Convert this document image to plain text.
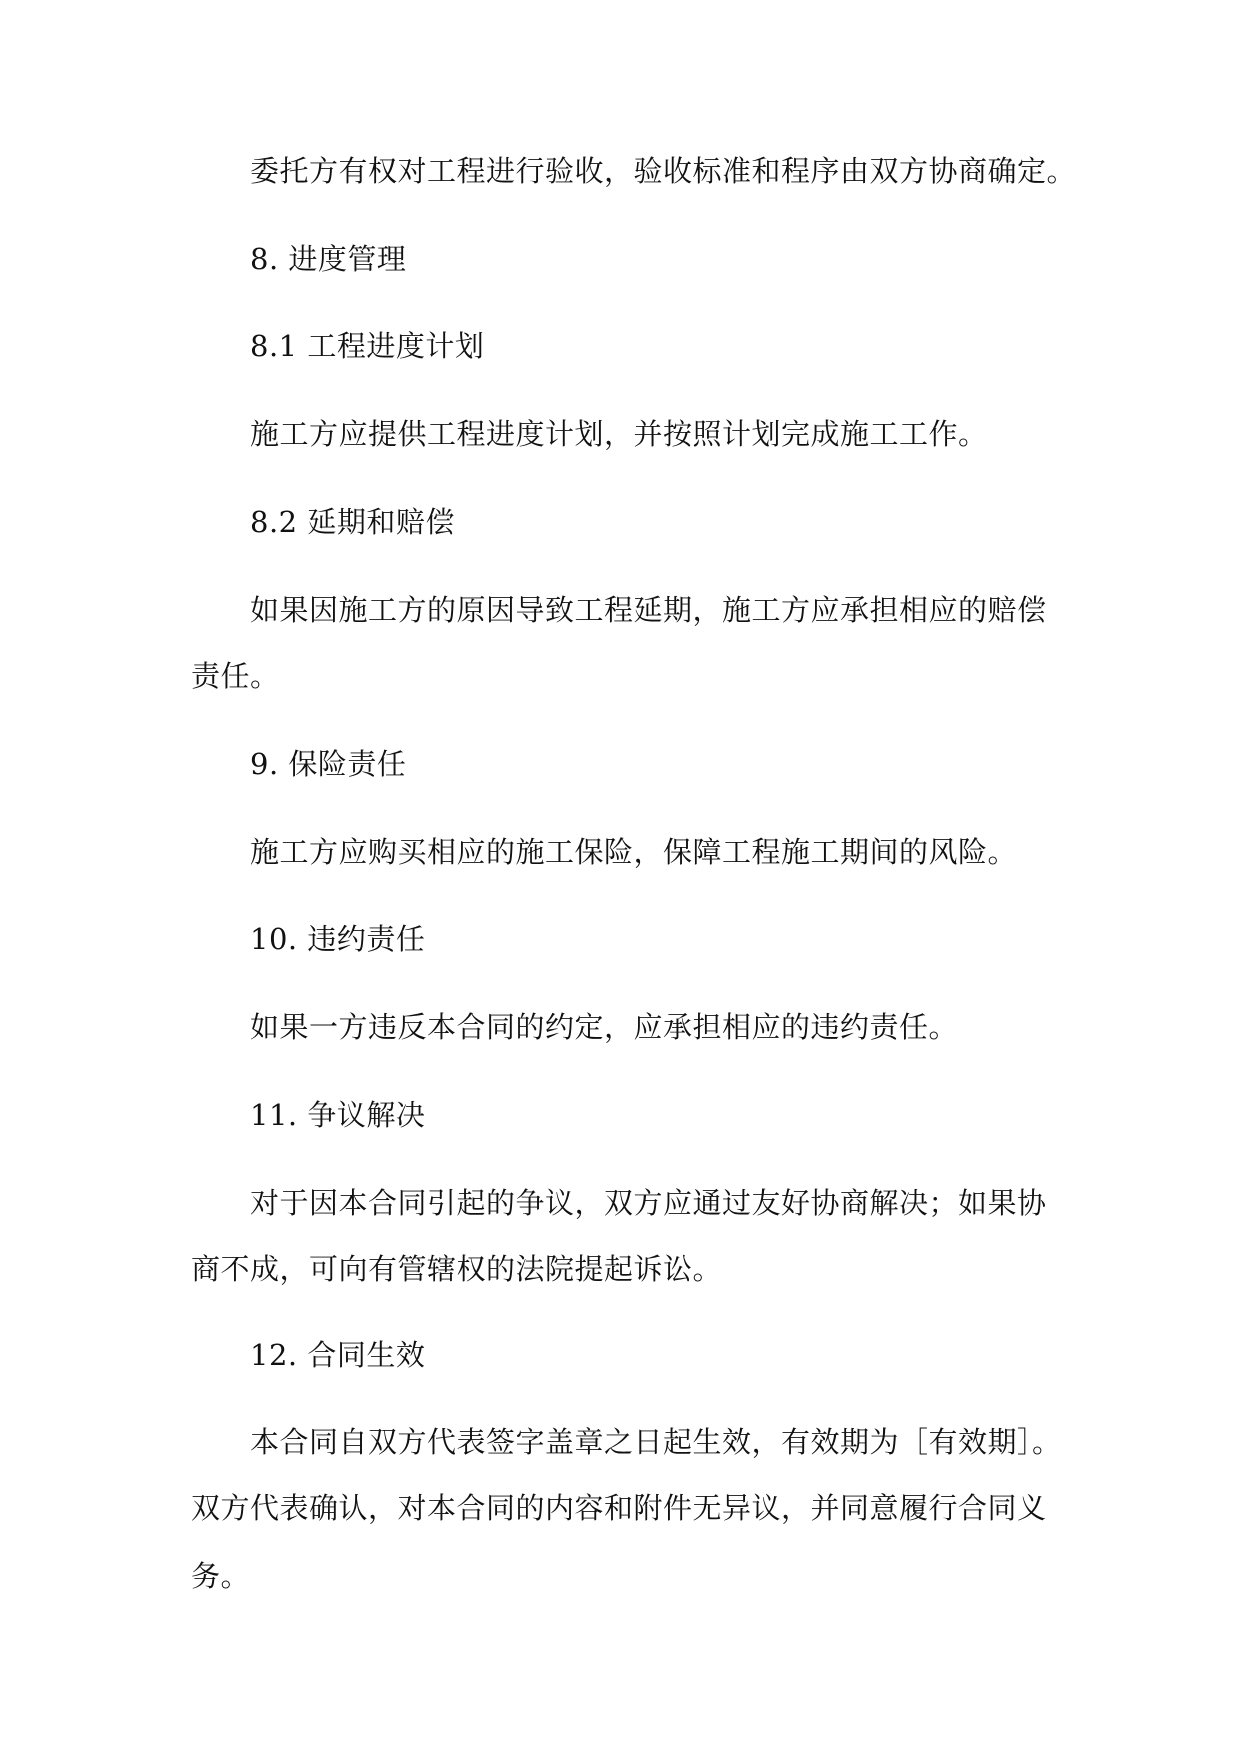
委托方有权对工程进行验收，验收标准和程序由双方协商确定。
8. 进度管理
8.1 工程进度计划
施工方应提供工程进度计划，并按照计划完成施工工作。
8.2 延期和赔偿
如果因施工方的原因导致工程延期，施工方应承担相应的赔偿
责任。
9. 保险责任
施工方应购买相应的施工保险，保障工程施工期间的风险。
10. 违约责任
如果一方违反本合同的约定，应承担相应的违约责任。
11. 争议解决
对于因本合同引起的争议，双方应通过友好协商解决；如果协
商不成，可向有管辖权的法院提起诉讼。
12. 合同生效
本合同自双方代表签字盖章之日起生效，有效期为［有效期］。
双方代表确认，对本合同的内容和附件无异议，并同意履行合同义
务。
